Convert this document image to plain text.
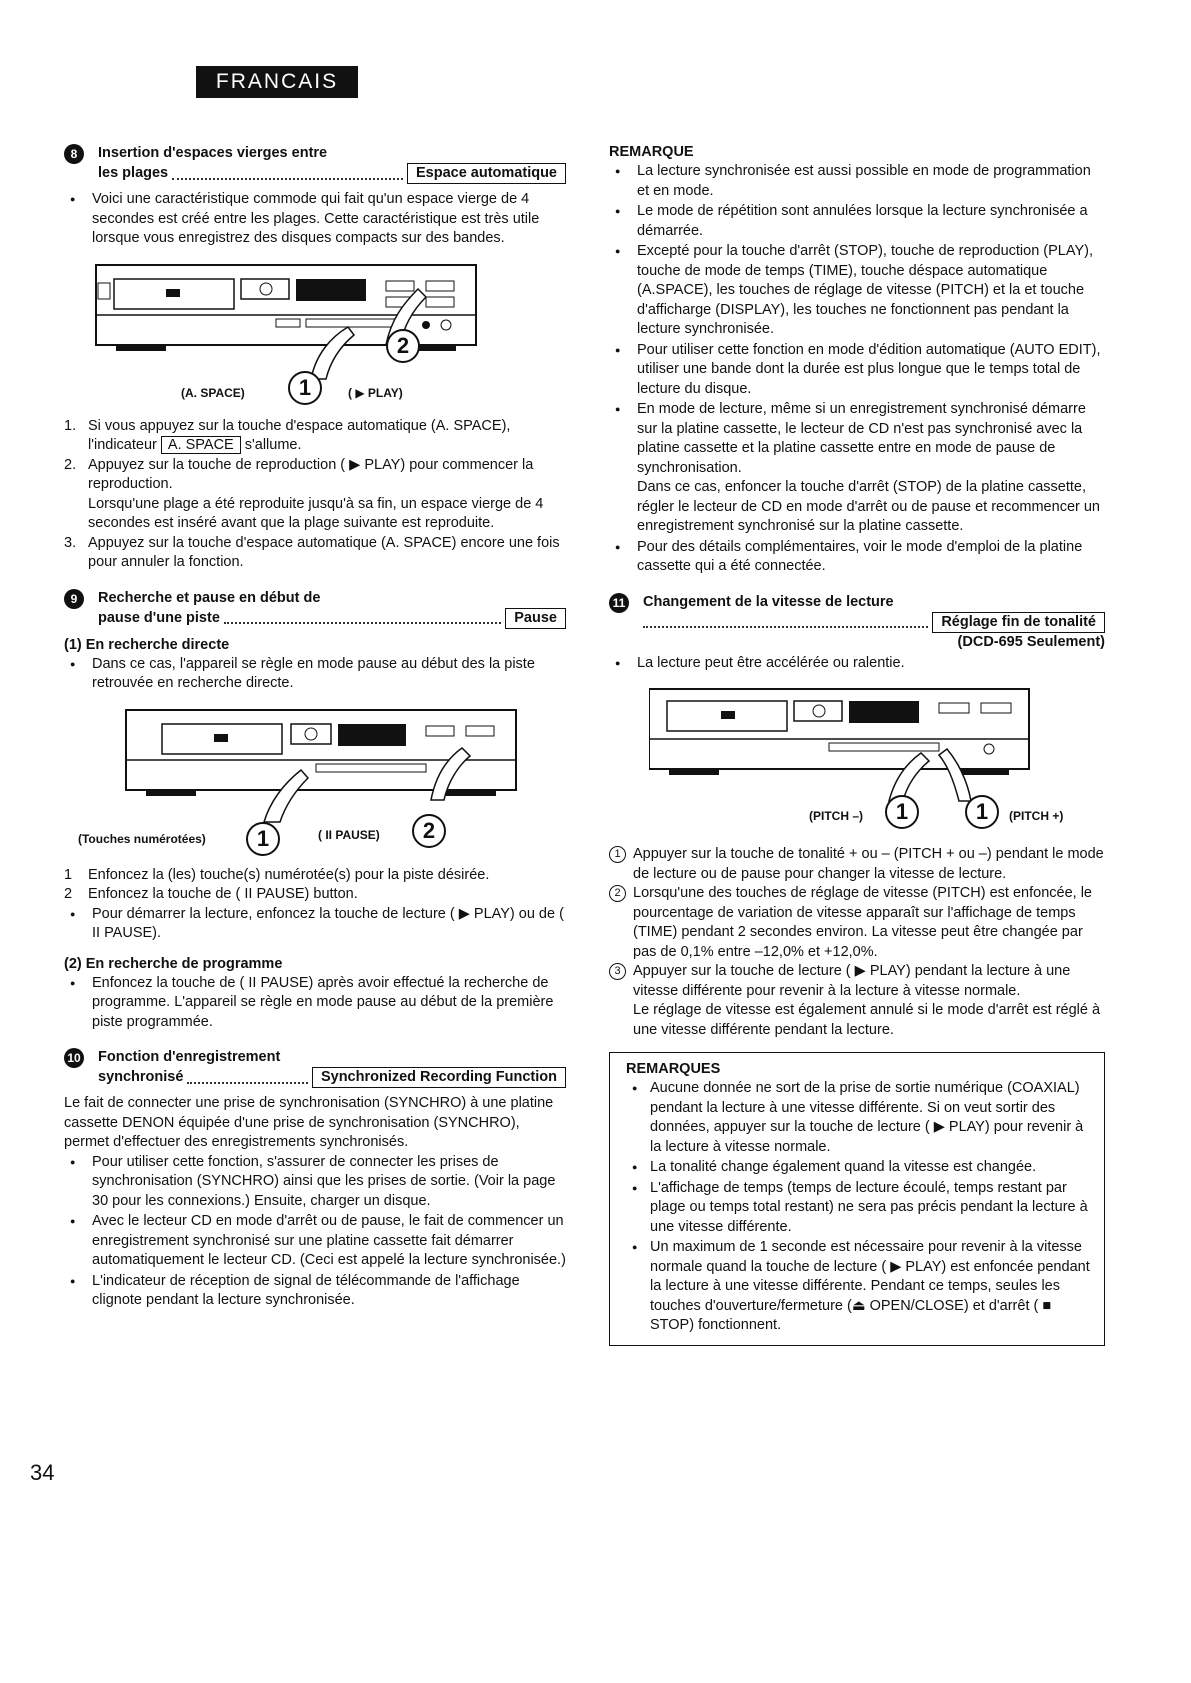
FRANCAIS
8	Insertion d'espaces vierges entre
les plages	Espace automatique
● Voici une caractéristique commode qui fait qu'un espace vierge de 4 secondes est créé entre les plages. Cette caractéristique est très utile lorsque vous enregistrez des disques compacts sur des bandes.
(A. SPACE)	1	( ▶ PLAY)
2
1. Si vous appuyez sur la touche d'espace automatique (A. SPACE), l'indicateur A. SPACE s'allume.
2. Appuyez sur la touche de reproduction ( ▶ PLAY) pour commencer la reproduction.
Lorsqu'une plage a été reproduite jusqu'à sa fin, un espace vierge de 4 secondes est inséré avant que la plage suivante est reproduite.
3. Appuyez sur la touche d'espace automatique (A. SPACE) encore une fois pour annuler la fonction.
9	Recherche et pause en début de
pause d'une piste	Pause
(1) En recherche directe
● Dans ce cas, l'appareil se règle en mode pause au début des la piste retrouvée en recherche directe.
(Touches numérotées)	1	( II PAUSE)	2
1 Enfoncez la (les) touche(s) numérotée(s) pour la piste désirée.
2 Enfoncez la touche de ( II PAUSE) button.
● Pour démarrer la lecture, enfoncez la touche de lecture ( ▶ PLAY) ou de ( II PAUSE).
(2) En recherche de programme
● Enfoncez la touche de ( II PAUSE) après avoir effectué la recherche de programme. L'appareil se règle en mode pause au début de la première piste programmée.
10 Fonction d'enregistrement
synchronisé	Synchronized Recording Function

Le fait de connecter une prise de synchronisation (SYNCHRO) à une platine cassette DENON équipée d'une prise de synchronisation (SYNCHRO), permet d'effectuer des enregistrements synchronisés.

● Pour utiliser cette fonction, s'assurer de connecter les prises de synchronisation (SYNCHRO) ainsi que les prises de sortie. (Voir la page 30 pour les connexions.) Ensuite, charger un disque.
● Avec le lecteur CD en mode d'arrêt ou de pause, le fait de commencer un enregistrement synchronisé sur une platine cassette fait démarrer automatiquement le lecteur CD. (Ceci est appelé la lecture synchronisée.)
● L'indicateur de réception de signal de télécommande de l'affichage clignote pendant la lecture synchronisée.
REMARQUE
● La lecture synchronisée est aussi possible en mode de programmation et en mode.
● Le mode de répétition sont annulées lorsque la lecture synchronisée a démarrée.
● Excepté pour la touche d'arrêt (STOP), touche de reproduction (PLAY), touche de mode de temps (TIME), touche déspace automatique (A.SPACE), les touches de réglage de vitesse (PITCH) et la et touche d'afficharge (DISPLAY), les touches ne fonctionnent pas pendant la lecture synchronisée.
● Pour utiliser cette fonction en mode d'édition automatique (AUTO EDIT), utiliser une bande dont la durée est plus longue que le temps total de lecture du disque.
● En mode de lecture, même si un enregistrement synchronisé démarre sur la platine cassette, le lecteur de CD n'est pas synchronisé avec la platine cassette et la platine cassette entre en mode de pause de synchronisation.
Dans ce cas, enfoncer la touche d'arrêt (STOP) de la platine cassette, régler le lecteur de CD en mode d'arrêt ou de pause et recommencer un enregistrement synchronisé sur la platine cassette.
● Pour des détails complémentaires, voir le mode d'emploi de la platine cassette qui a été connectée.
11 Changement de la vitesse de lecture
Réglage fin de tonalité
(DCD-695 Seulement)
● La lecture peut être accélérée ou ralentie.
(PITCH –)	1	1	(PITCH +)
1 Appuyer sur la touche de tonalité + ou – (PITCH + ou –) pendant le mode de lecture ou de pause pour changer la vitesse de lecture.
2 Lorsqu'une des touches de réglage de vitesse (PITCH) est enfoncée, le pourcentage de variation de vitesse apparaît sur l'affichage de temps (TIME) pendant 2 secondes environ. La vitesse peut être changée par pas de 0,1% entre –12,0% et +12,0%.
3 Appuyer sur la touche de lecture ( ▶ PLAY) pendant la lecture à une vitesse différente pour revenir à la lecture à vitesse normale.
Le réglage de vitesse est également annulé si le mode d'arrêt est réglé à une vitesse différente pendant la lecture.
REMARQUES
● Aucune donnée ne sort de la prise de sortie numérique (COAXIAL) pendant la lecture à une vitesse différente. Si on veut sortir des données, appuyer sur la touche de lecture ( ▶ PLAY) pour revenir à la lecture à vitesse normale.
● La tonalité change également quand la vitesse est changée.
● L'affichage de temps (temps de lecture écoulé, temps restant par plage ou temps total restant) ne sera pas précis pendant la lecture à une vitesse différente.
● Un maximum de 1 seconde est nécessaire pour revenir à la vitesse normale quand la touche de lecture ( ▶ PLAY) est enfoncée pendant la lecture à une vitesse différente. Pendant ce temps, seules les touches d'ouverture/fermeture (⏏ OPEN/CLOSE) et d'arrêt ( ■ STOP) fonctionnent.
34
